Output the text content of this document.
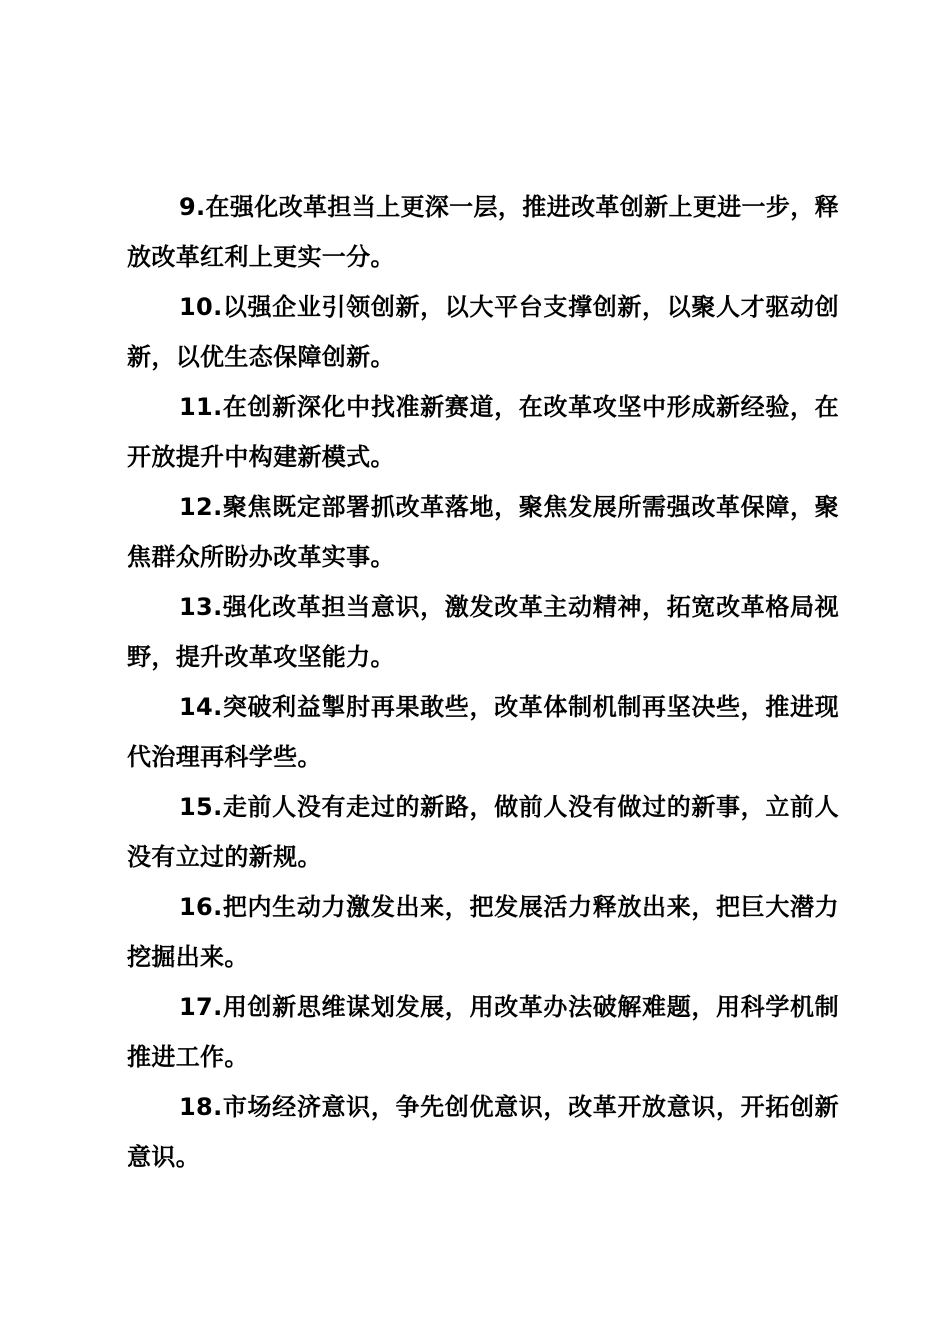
9.在强化改革担当上更深一层，推进改革创新上更进一步，释放改革红利上更实一分。

10.以强企业引领创新，以大平台支撑创新，以聚人才驱动创新，以优生态保障创新。

11.在创新深化中找准新赛道，在改革攻坚中形成新经验，在开放提升中构建新模式。

12.聚焦既定部署抓改革落地，聚焦发展所需强改革保障，聚焦群众所盼办改革实事。

13.强化改革担当意识，激发改革主动精神，拓宽改革格局视野，提升改革攻坚能力。

14.突破利益掣肘再果敢些，改革体制机制再坚决些，推进现代治理再科学些。

15.走前人没有走过的新路，做前人没有做过的新事，立前人没有立过的新规。

16.把内生动力激发出来，把发展活力释放出来，把巨大潜力挖掘出来。

17.用创新思维谋划发展，用改革办法破解难题，用科学机制推进工作。

18.市场经济意识，争先创优意识，改革开放意识，开拓创新意识。
